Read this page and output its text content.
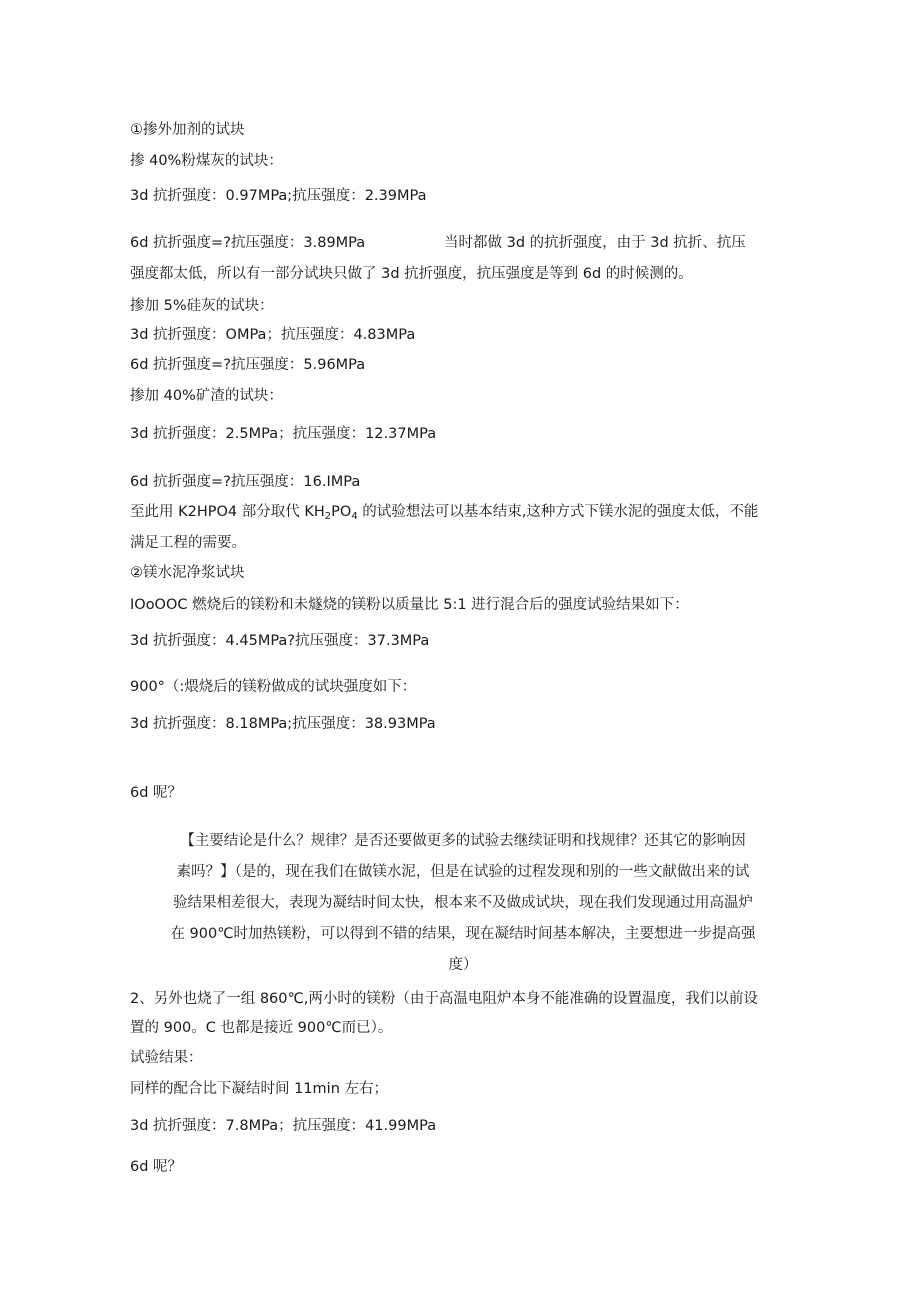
①掺外加剂的试块
掺 40%粉煤灰的试块：
3d 抗折强度：0.97MPa;抗压强度：2.39MPa
6d 抗折强度=?抗压强度：3.89MPa	当时都做 3d 的抗折强度，由于 3d 抗折、抗压
强度都太低，所以有一部分试块只做了 3d 抗折强度，抗压强度是等到 6d 的时候测的。
掺加 5%硅灰的试块：
3d 抗折强度：OMPa；抗压强度：4.83MPa
6d 抗折强度=?抗压强度：5.96MPa
掺加 40%矿渣的试块：
3d 抗折强度：2.5MPa；抗压强度：12.37MPa
6d 抗折强度=?抗压强度：16.IMPa
至此用 K2HPO4 部分取代 $KH_2PO_4$ 的试验想法可以基本结束,这种方式下镁水泥的强度太低，不能
满足工程的需要。
②镁水泥净浆试块
IOoOOC 燃烧后的镁粉和未燧烧的镁粉以质量比 5:1 进行混合后的强度试验结果如下：
3d 抗折强度：4.45MPa?抗压强度：37.3MPa
900°（:煨烧后的镁粉做成的试块强度如下：
3d 抗折强度：8.18MPa;抗压强度：38.93MPa
6d 呢？
【主要结论是什么？规律？是否还要做更多的试验去继续证明和找规律？还其它的影响因
素吗？】（是的，现在我们在做镁水泥，但是在试验的过程发现和别的一些文献做出来的试
验结果相差很大，表现为凝结时间太快，根本来不及做成试块，现在我们发现通过用高温炉
在 900℃时加热镁粉，可以得到不错的结果，现在凝结时间基本解决，主要想进一步提高强
度）
2、另外也烧了一组 860℃,两小时的镁粉（由于高温电阻炉本身不能准确的设置温度，我们以前设
置的 900。C 也都是接近 900℃而已）。
试验结果：
同样的配合比下凝结时间 11min 左右；
3d 抗折强度：7.8MPa；抗压强度：41.99MPa
6d 呢？
